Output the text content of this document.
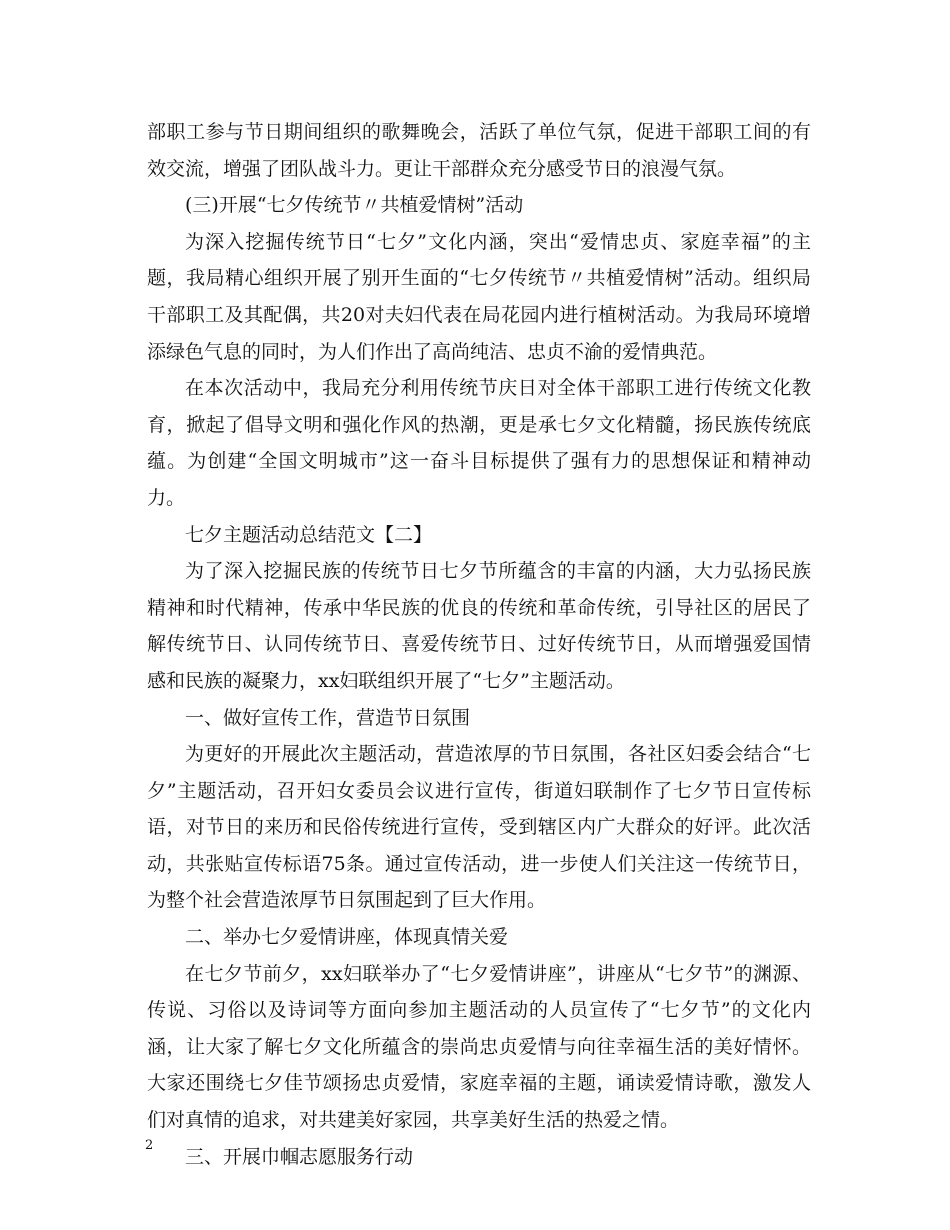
部职工参与节日期间组织的歌舞晚会，活跃了单位气氛，促进干部职工间的有效交流，增强了团队战斗力。更让干部群众充分感受节日的浪漫气氛。

(三)开展“七夕传统节〃共植爱情树”活动

为深入挖掘传统节日“七夕”文化内涵，突出“爱情忠贞、家庭幸福”的主题，我局精心组织开展了别开生面的“七夕传统节〃共植爱情树”活动。组织局干部职工及其配偶，共20对夫妇代表在局花园内进行植树活动。为我局环境增添绿色气息的同时，为人们作出了高尚纯洁、忠贞不渝的爱情典范。

在本次活动中，我局充分利用传统节庆日对全体干部职工进行传统文化教育，掀起了倡导文明和强化作风的热潮，更是承七夕文化精髓，扬民族传统底蕴。为创建“全国文明城市”这一奋斗目标提供了强有力的思想保证和精神动力。

七夕主题活动总结范文【二】

为了深入挖掘民族的传统节日七夕节所蕴含的丰富的内涵，大力弘扬民族精神和时代精神，传承中华民族的优良的传统和革命传统，引导社区的居民了解传统节日、认同传统节日、喜爱传统节日、过好传统节日，从而增强爱国情感和民族的凝聚力，xx妇联组织开展了“七夕”主题活动。

一、做好宣传工作，营造节日氛围

为更好的开展此次主题活动，营造浓厚的节日氛围，各社区妇委会结合“七夕”主题活动，召开妇女委员会议进行宣传，街道妇联制作了七夕节日宣传标语，对节日的来历和民俗传统进行宣传，受到辖区内广大群众的好评。此次活动，共张贴宣传标语75条。通过宣传活动，进一步使人们关注这一传统节日，为整个社会营造浓厚节日氛围起到了巨大作用。

二、举办七夕爱情讲座，体现真情关爱

在七夕节前夕，xx妇联举办了“七夕爱情讲座”，讲座从“七夕节”的渊源、传说、习俗以及诗词等方面向参加主题活动的人员宣传了“七夕节”的文化内涵，让大家了解七夕文化所蕴含的崇尚忠贞爱情与向往幸福生活的美好情怀。大家还围绕七夕佳节颂扬忠贞爱情，家庭幸福的主题，诵读爱情诗歌，激发人们对真情的追求，对共建美好家园，共享美好生活的热爱之情。

三、开展巾帼志愿服务行动

2
